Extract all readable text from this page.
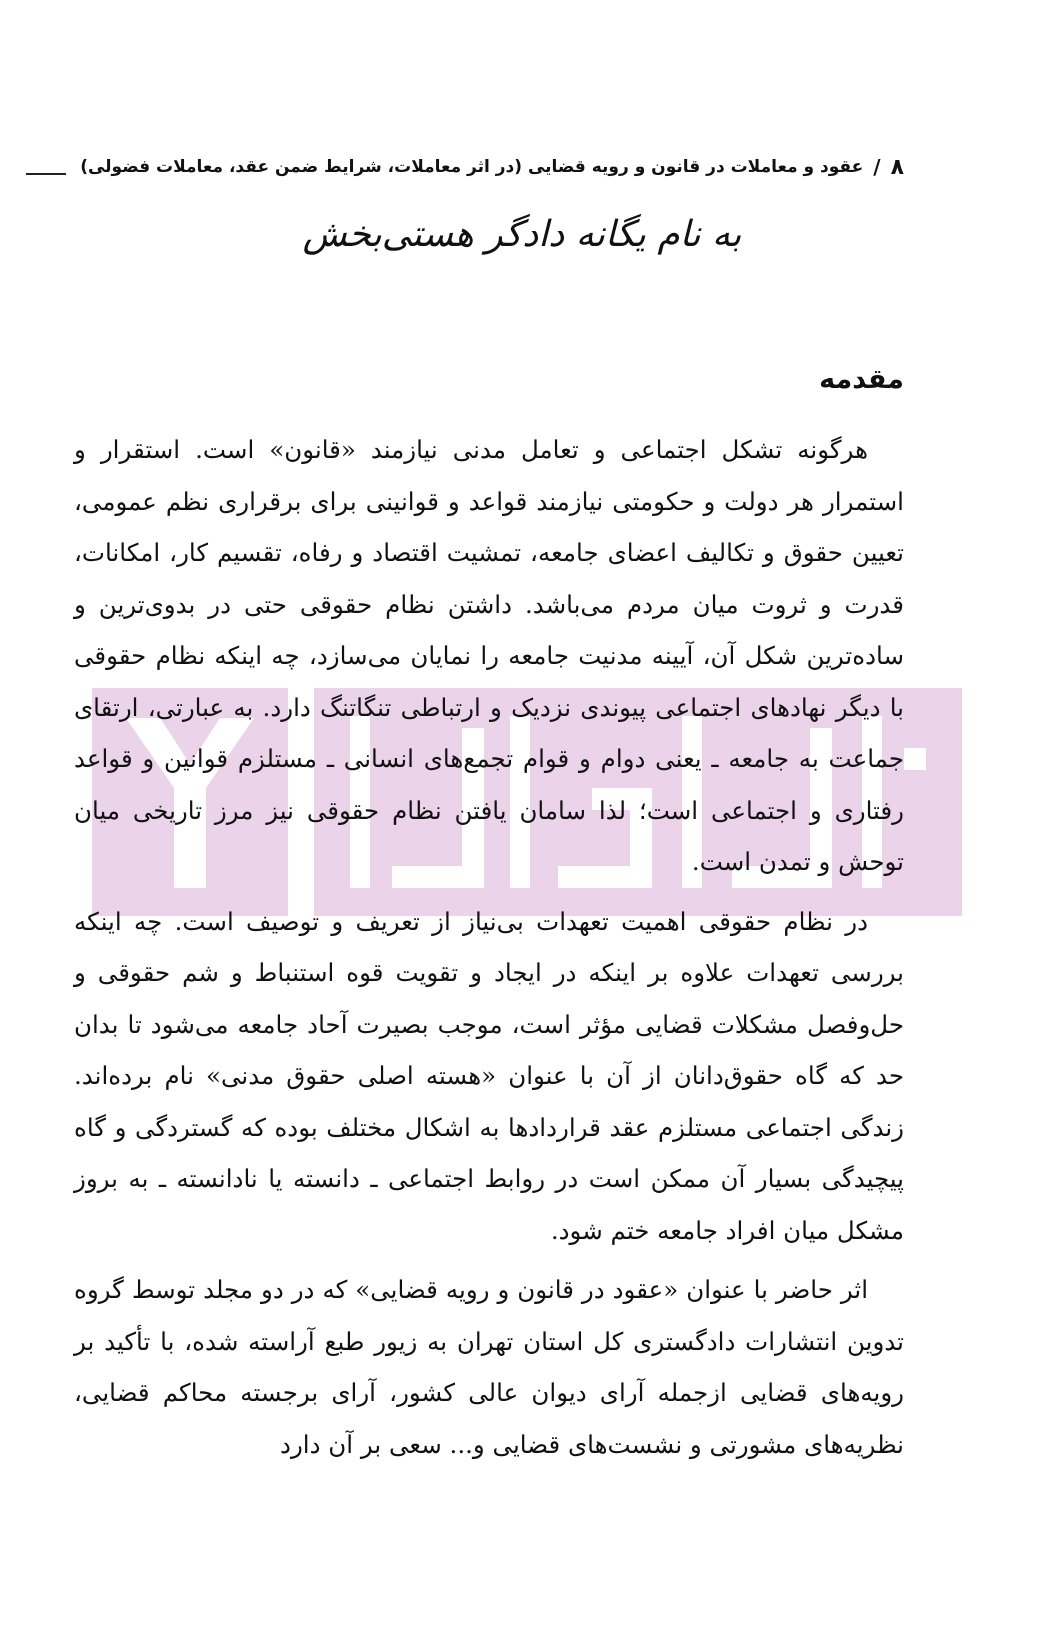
۸
/
عقود و معاملات در قانون و رویه قضایی (در اثر معاملات، شرایط ضمن عقد، معاملات فضولی)
به نام یگانه دادگر هستی‌بخش
مقدمه

هرگونه تشکل اجتماعی و تعامل مدنی نیازمند «قانون» است. استقرار و استمرار هر دولت و حکومتی نیازمند قواعد و قوانینی برای برقراری نظم عمومی، تعیین حقوق و تکالیف اعضای جامعه، تمشیت اقتصاد و رفاه، تقسیم کار، امکانات، قدرت و ثروت میان مردم می‌باشد. داشتن نظام حقوقی حتی در بدوی‌ترین و ساده‌ترین شکل آن، آیینه مدنیت جامعه را نمایان می‌سازد، چه اینکه نظام حقوقی با دیگر نهادهای اجتماعی پیوندی نزدیک و ارتباطی تنگاتنگ دارد. به عبارتی، ارتقای جماعت به جامعه ـ یعنی دوام و قوام تجمع‌های انسانی ـ مستلزم قوانین و قواعد رفتاری و اجتماعی است؛ لذا سامان یافتن نظام حقوقی نیز مرز تاریخی میان توحش و تمدن است.

در نظام حقوقی اهمیت تعهدات بی‌نیاز از تعریف و توصیف است. چه اینکه بررسی تعهدات علاوه بر اینکه در ایجاد و تقویت قوه استنباط و شم حقوقی و حل‌وفصل مشکلات قضایی مؤثر است، موجب بصیرت آحاد جامعه می‌شود تا بدان حد که گاه حقوق‌دانان از آن با عنوان «هسته اصلی حقوق مدنی» نام برده‌اند. زندگی اجتماعی مستلزم عقد قراردادها به اشکال مختلف بوده که گستردگی و گاه پیچیدگی بسیار آن ممکن است در روابط اجتماعی ـ دانسته یا نادانسته ـ به بروز مشکل میان افراد جامعه ختم شود.

اثر حاضر با عنوان «عقود در قانون و رویه قضایی» که در دو مجلد توسط گروه تدوین انتشارات دادگستری کل استان تهران به زیور طبع آراسته شده، با تأکید بر رویه‌های قضایی ازجمله آرای دیوان عالی کشور، آرای برجسته محاکم قضایی، نظریه‌های مشورتی و نشست‌های قضایی و... سعی بر آن دارد
